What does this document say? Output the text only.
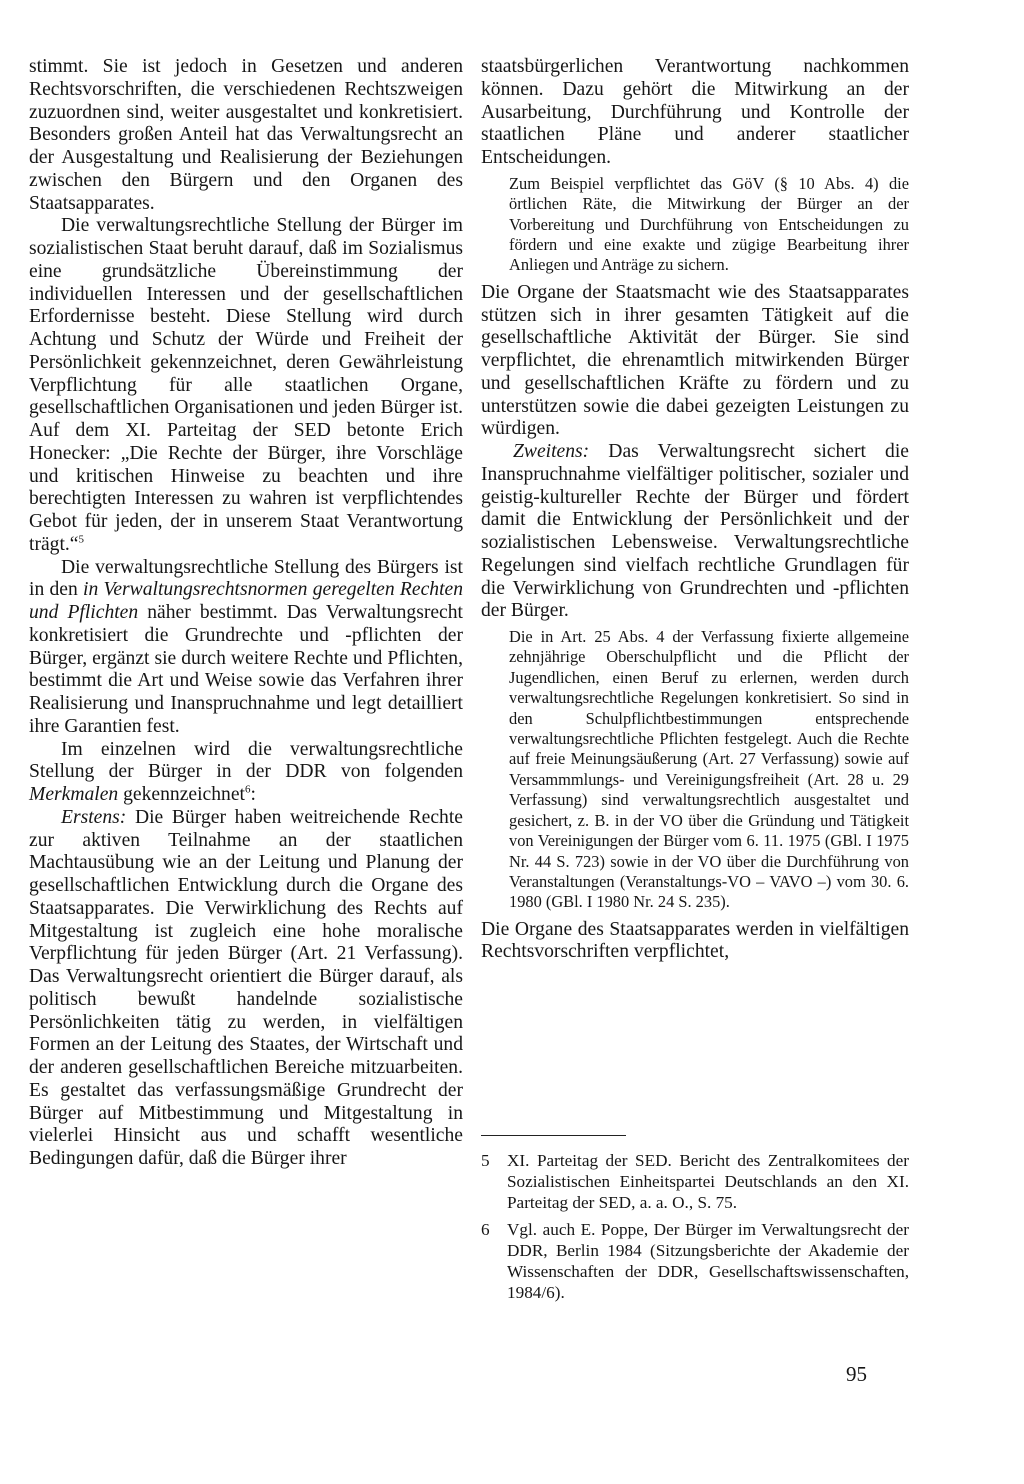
stimmt. Sie ist jedoch in Gesetzen und anderen Rechtsvorschriften, die verschiedenen Rechtszweigen zuzuordnen sind, weiter ausgestaltet und konkretisiert. Besonders großen Anteil hat das Verwaltungsrecht an der Ausgestaltung und Realisierung der Beziehungen zwischen den Bürgern und den Organen des Staatsapparates.

Die verwaltungsrechtliche Stellung der Bürger im sozialistischen Staat beruht darauf, daß im Sozialismus eine grundsätzliche Übereinstimmung der individuellen Interessen und der gesellschaftlichen Erfordernisse besteht. Diese Stellung wird durch Achtung und Schutz der Würde und Freiheit der Persönlichkeit gekennzeichnet, deren Gewährleistung Verpflichtung für alle staatlichen Organe, gesellschaftlichen Organisationen und jeden Bürger ist. Auf dem XI. Parteitag der SED betonte Erich Honecker: „Die Rechte der Bürger, ihre Vorschläge und kritischen Hinweise zu beachten und ihre berechtigten Interessen zu wahren ist verpflichtendes Gebot für jeden, der in unserem Staat Verantwortung trägt.“$^5$

Die verwaltungsrechtliche Stellung des Bürgers ist in den in Verwaltungsrechtsnormen geregelten Rechten und Pflichten näher bestimmt. Das Verwaltungsrecht konkretisiert die Grundrechte und -pflichten der Bürger, ergänzt sie durch weitere Rechte und Pflichten, bestimmt die Art und Weise sowie das Verfahren ihrer Realisierung und Inanspruchnahme und legt detailliert ihre Garantien fest.

Im einzelnen wird die verwaltungsrechtliche Stellung der Bürger in der DDR von folgenden Merkmalen gekennzeichnet$^6$:

Erstens: Die Bürger haben weitreichende Rechte zur aktiven Teilnahme an der staatlichen Machtausübung wie an der Leitung und Planung der gesellschaftlichen Entwicklung durch die Organe des Staatsapparates. Die Verwirklichung des Rechts auf Mitgestaltung ist zugleich eine hohe moralische Verpflichtung für jeden Bürger (Art. 21 Verfassung). Das Verwaltungsrecht orientiert die Bürger darauf, als politisch bewußt handelnde sozialistische Persönlichkeiten tätig zu werden, in vielfältigen Formen an der Leitung des Staates, der Wirtschaft und der anderen gesellschaftlichen Bereiche mitzuarbeiten. Es gestaltet das verfassungsmäßige Grundrecht der Bürger auf Mitbestimmung und Mitgestaltung in vielerlei Hinsicht aus und schafft wesentliche Bedingungen dafür, daß die Bürger ihrer

staatsbürgerlichen Verantwortung nachkommen können. Dazu gehört die Mitwirkung an der Ausarbeitung, Durchführung und Kontrolle der staatlichen Pläne und anderer staatlicher Entscheidungen.

Zum Beispiel verpflichtet das GöV (§ 10 Abs. 4) die örtlichen Räte, die Mitwirkung der Bürger an der Vorbereitung und Durchführung von Entscheidungen zu fördern und eine exakte und zügige Bearbeitung ihrer Anliegen und Anträge zu sichern.

Die Organe der Staatsmacht wie des Staatsapparates stützen sich in ihrer gesamten Tätigkeit auf die gesellschaftliche Aktivität der Bürger. Sie sind verpflichtet, die ehrenamtlich mitwirkenden Bürger und gesellschaftlichen Kräfte zu fördern und zu unterstützen sowie die dabei gezeigten Leistungen zu würdigen.

Zweitens: Das Verwaltungsrecht sichert die Inanspruchnahme vielfältiger politischer, sozialer und geistig-kultureller Rechte der Bürger und fördert damit die Entwicklung der Persönlichkeit und der sozialistischen Lebensweise. Verwaltungsrechtliche Regelungen sind vielfach rechtliche Grundlagen für die Verwirklichung von Grundrechten und -pflichten der Bürger.

Die in Art. 25 Abs. 4 der Verfassung fixierte allgemeine zehnjährige Oberschulpflicht und die Pflicht der Jugendlichen, einen Beruf zu erlernen, werden durch verwaltungsrechtliche Regelungen konkretisiert. So sind in den Schulpflichtbestimmungen entsprechende verwaltungsrechtliche Pflichten festgelegt. Auch die Rechte auf freie Meinungsäußerung (Art. 27 Verfassung) sowie auf Versammmlungs- und Vereinigungsfreiheit (Art. 28 u. 29 Verfassung) sind verwaltungsrechtlich ausgestaltet und gesichert, z. B. in der VO über die Gründung und Tätigkeit von Vereinigungen der Bürger vom 6. 11. 1975 (GBl. I 1975 Nr. 44 S. 723) sowie in der VO über die Durchführung von Veranstaltungen (Veranstaltungs-VO – VAVO –) vom 30. 6. 1980 (GBl. I 1980 Nr. 24 S. 235).

Die Organe des Staatsapparates werden in vielfältigen Rechtsvorschriften verpflichtet,

5	XI. Parteitag der SED. Bericht des Zentralkomitees der Sozialistischen Einheitspartei Deutschlands an den XI. Parteitag der SED, a. a. O., S. 75.
6	Vgl. auch E. Poppe, Der Bürger im Verwaltungsrecht der DDR, Berlin 1984 (Sitzungsberichte der Akademie der Wissenschaften der DDR, Gesellschaftswissenschaften, 1984/6).
95
